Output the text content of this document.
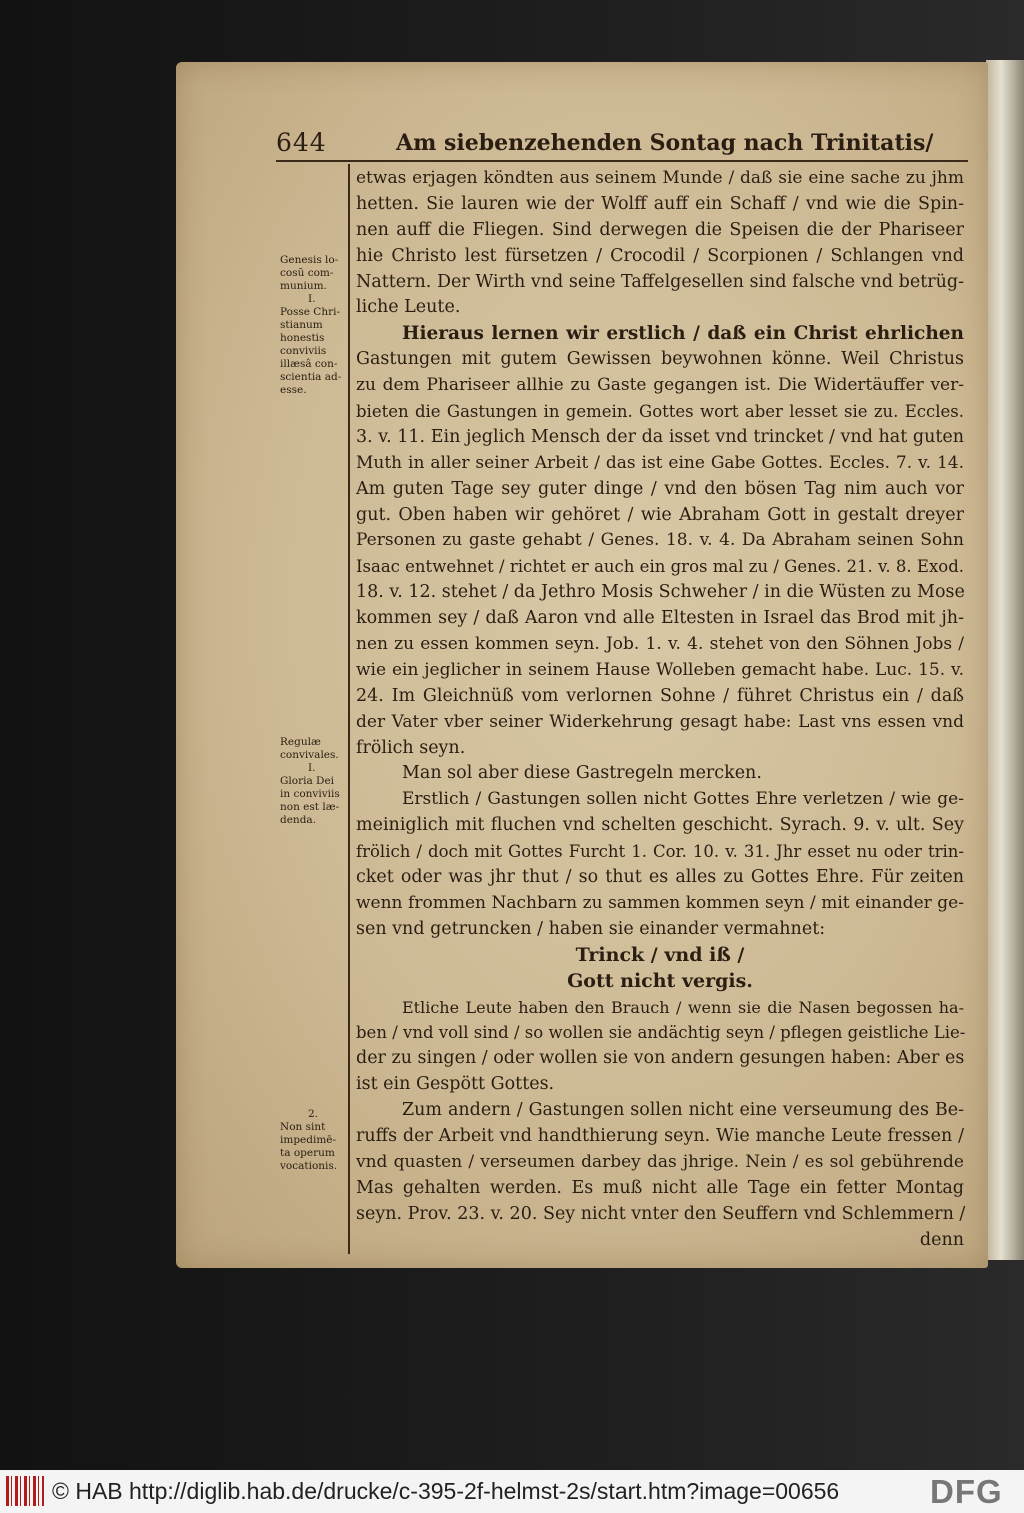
644	Am siebenzehenden Sontag nach Trinitatis/
Genesis lo-
cosũ com-
munium.
I.
Posse Chri-
stianum
honestis
conviviis
illæsâ con-
scientia ad-
esse.
Regulæ
convivales.
I.
Gloria Dei
in conviviis
non est læ-
denda.
2.
Non sint
impedimē-
ta operum
vocationis.
etwas erjagen köndten aus seinem Munde / daß sie eine sache zu jhm
hetten. Sie lauren wie der Wolff auff ein Schaff / vnd wie die Spin-
nen auff die Fliegen. Sind derwegen die Speisen die der Phariseer
hie Christo lest fürsetzen / Crocodil / Scorpionen / Schlangen vnd
Nattern. Der Wirth vnd seine Taffelgesellen sind falsche vnd betrüg-
liche Leute.
Hieraus lernen wir erstlich / daß ein Christ ehrlichen
Gastungen mit gutem Gewissen beywohnen könne. Weil Christus
zu dem Phariseer allhie zu Gaste gegangen ist. Die Widertäuffer ver-
bieten die Gastungen in gemein. Gottes wort aber lesset sie zu. Eccles.
3. v. 11. Ein jeglich Mensch der da isset vnd trincket / vnd hat guten
Muth in aller seiner Arbeit / das ist eine Gabe Gottes. Eccles. 7. v. 14.
Am guten Tage sey guter dinge / vnd den bösen Tag nim auch vor
gut. Oben haben wir gehöret / wie Abraham Gott in gestalt dreyer
Personen zu gaste gehabt / Genes. 18. v. 4. Da Abraham seinen Sohn
Isaac entwehnet / richtet er auch ein gros mal zu / Genes. 21. v. 8. Exod.
18. v. 12. stehet / da Jethro Mosis Schweher / in die Wüsten zu Mose
kommen sey / daß Aaron vnd alle Eltesten in Israel das Brod mit jh-
nen zu essen kommen seyn. Job. 1. v. 4. stehet von den Söhnen Jobs /
wie ein jeglicher in seinem Hause Wolleben gemacht habe. Luc. 15. v.
24. Im Gleichnüß vom verlornen Sohne / führet Christus ein / daß
der Vater vber seiner Widerkehrung gesagt habe: Last vns essen vnd
frölich seyn.
Man sol aber diese Gastregeln mercken.
Erstlich / Gastungen sollen nicht Gottes Ehre verletzen / wie ge-
meiniglich mit fluchen vnd schelten geschicht. Syrach. 9. v. ult. Sey
frölich / doch mit Gottes Furcht 1. Cor. 10. v. 31. Jhr esset nu oder trin-
cket oder was jhr thut / so thut es alles zu Gottes Ehre. Für zeiten
wenn frommen Nachbarn zu sammen kommen seyn / mit einander ge-
sen vnd getruncken / haben sie einander vermahnet:
Trinck / vnd iß /
Gott nicht vergis.
Etliche Leute haben den Brauch / wenn sie die Nasen begossen ha-
ben / vnd voll sind / so wollen sie andächtig seyn / pflegen geistliche Lie-
der zu singen / oder wollen sie von andern gesungen haben: Aber es
ist ein Gespött Gottes.
Zum andern / Gastungen sollen nicht eine verseumung des Be-
ruffs der Arbeit vnd handthierung seyn. Wie manche Leute fressen /
vnd quasten / verseumen darbey das jhrige. Nein / es sol gebührende
Mas gehalten werden. Es muß nicht alle Tage ein fetter Montag
seyn. Prov. 23. v. 20. Sey nicht vnter den Seuffern vnd Schlemmern /
denn
© HAB http://diglib.hab.de/drucke/c-395-2f-helmst-2s/start.htm?image=00656	DFG
